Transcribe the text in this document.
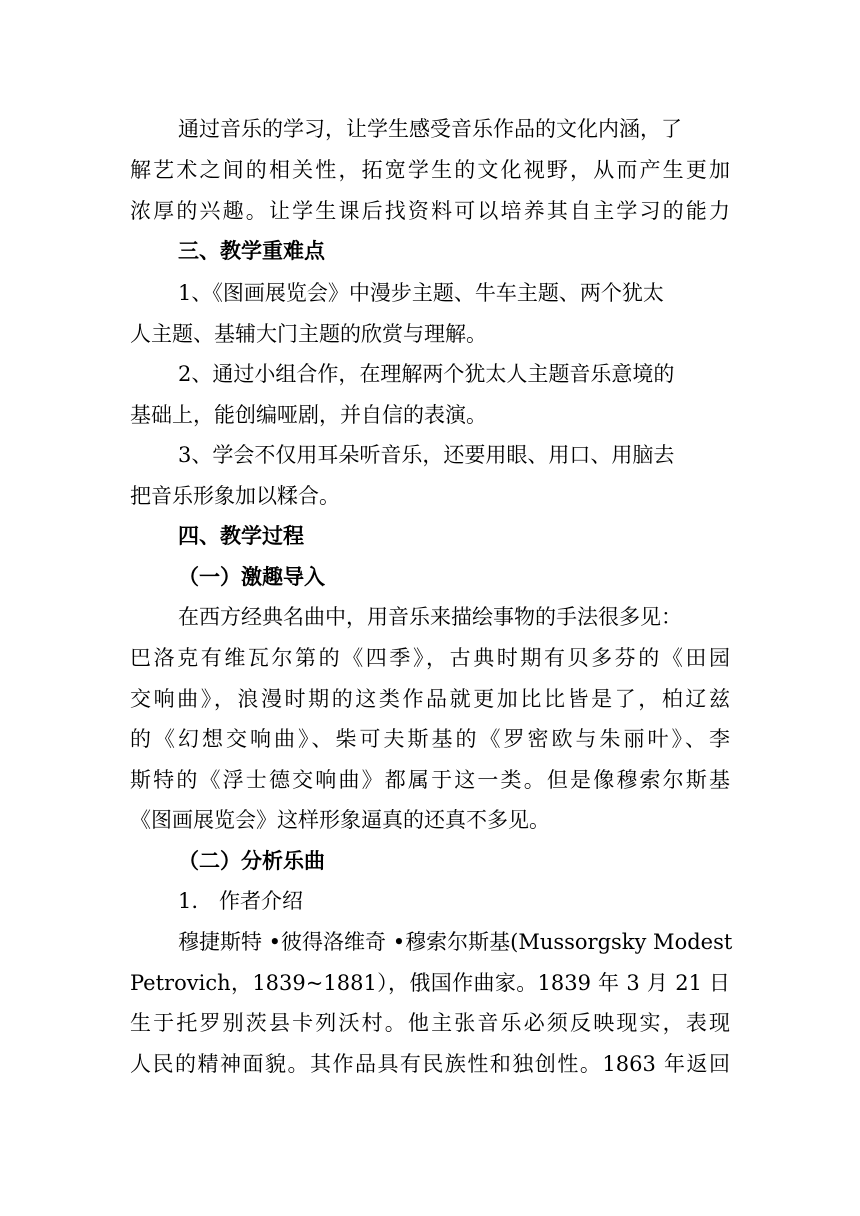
通过音乐的学习，让学生感受音乐作品的文化内涵，了
解艺术之间的相关性，拓宽学生的文化视野，从而产生更加
浓厚的兴趣。让学生课后找资料可以培养其自主学习的能力
三、教学重难点
1、《图画展览会》中漫步主题、牛车主题、两个犹太
人主题、基辅大门主题的欣赏与理解。
2、通过小组合作，在理解两个犹太人主题音乐意境的
基础上，能创编哑剧，并自信的表演。
3、学会不仅用耳朵听音乐，还要用眼、用口、用脑去
把音乐形象加以糅合。
四、教学过程
（一）激趣导入
在西方经典名曲中，用音乐来描绘事物的手法很多见：
巴洛克有维瓦尔第的《四季》，古典时期有贝多芬的《田园
交响曲》，浪漫时期的这类作品就更加比比皆是了，柏辽兹
的《幻想交响曲》、柴可夫斯基的《罗密欧与朱丽叶》、李
斯特的《浮士德交响曲》都属于这一类。但是像穆索尔斯基
《图画展览会》这样形象逼真的还真不多见。
（二）分析乐曲
1.　作者介绍
穆捷斯特 •彼得洛维奇 •穆索尔斯基(Mussorgsky Modest
Petrovich，1839~1881），俄国作曲家。1839 年 3 月 21 日
生于托罗别茨县卡列沃村。他主张音乐必须反映现实，表现
人民的精神面貌。其作品具有民族性和独创性。1863 年返回
